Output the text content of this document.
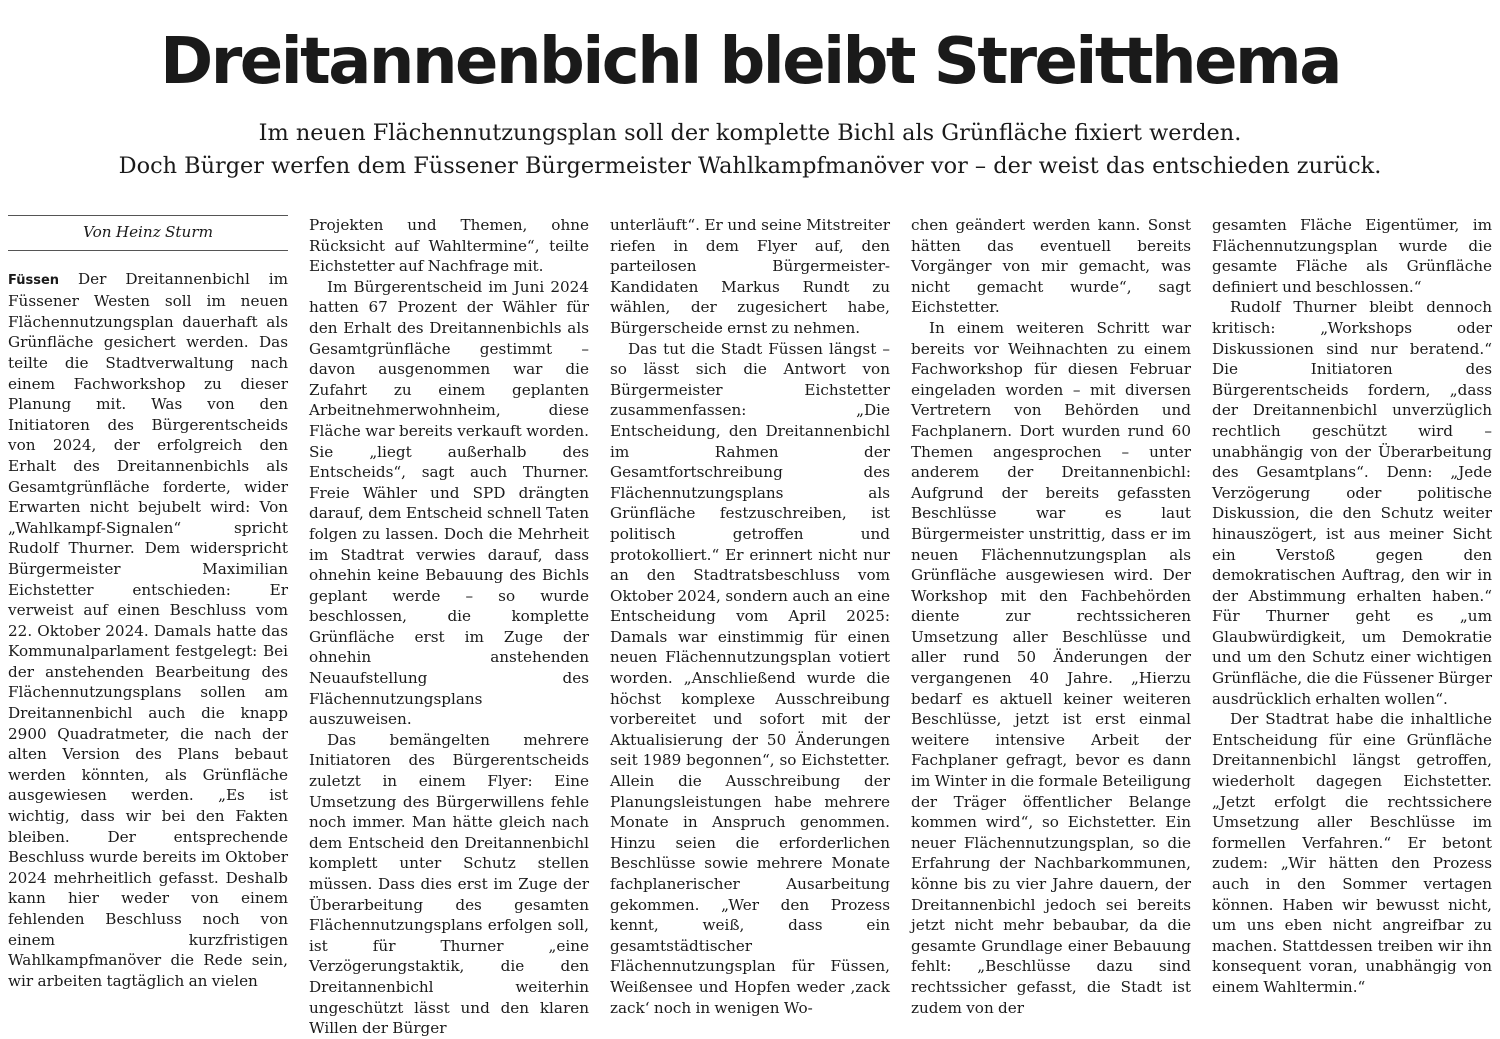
Dreitannenbichl bleibt Streitthema
Im neuen Flächennutzungsplan soll der komplette Bichl als Grünfläche fixiert werden.
Doch Bürger werfen dem Füssener Bürgermeister Wahlkampfmanöver vor – der weist das entschieden zurück.
Von Heinz Sturm

Füssen Der Dreitannenbichl im Füssener Westen soll im neuen Flächennutzungsplan dauerhaft als Grünfläche gesichert werden. Das teilte die Stadtverwaltung nach einem Fachworkshop zu dieser Planung mit. Was von den Initiatoren des Bürgerentscheids von 2024, der erfolgreich den Erhalt des Dreitannenbichls als Gesamtgrünfläche forderte, wider Erwarten nicht bejubelt wird: Von „Wahlkampf-Signalen“ spricht Rudolf Thurner. Dem widerspricht Bürgermeister Maximilian Eichstetter entschieden: Er verweist auf einen Beschluss vom 22. Oktober 2024. Damals hatte das Kommunalparlament festgelegt: Bei der anstehenden Bearbeitung des Flächennutzungsplans sollen am Dreitannenbichl auch die knapp 2900 Quadratmeter, die nach der alten Version des Plans bebaut werden könnten, als Grünfläche ausgewiesen werden. „Es ist wichtig, dass wir bei den Fakten bleiben. Der entsprechende Beschluss wurde bereits im Oktober 2024 mehrheitlich gefasst. Deshalb kann hier weder von einem fehlenden Beschluss noch von einem kurzfristigen Wahlkampfmanöver die Rede sein, wir arbeiten tagtäglich an vielen

Projekten und Themen, ohne Rücksicht auf Wahltermine“, teilte Eichstetter auf Nachfrage mit.

Im Bürgerentscheid im Juni 2024 hatten 67 Prozent der Wähler für den Erhalt des Dreitannenbichls als Gesamtgrünfläche gestimmt – davon ausgenommen war die Zufahrt zu einem geplanten Arbeitnehmerwohnheim, diese Fläche war bereits verkauft worden. Sie „liegt außerhalb des Entscheids“, sagt auch Thurner. Freie Wähler und SPD drängten darauf, dem Entscheid schnell Taten folgen zu lassen. Doch die Mehrheit im Stadtrat verwies darauf, dass ohnehin keine Bebauung des Bichls geplant werde – so wurde beschlossen, die komplette Grünfläche erst im Zuge der ohnehin anstehenden Neuaufstellung des Flächennutzungsplans auszuweisen.

Das bemängelten mehrere Initiatoren des Bürgerentscheids zuletzt in einem Flyer: Eine Umsetzung des Bürgerwillens fehle noch immer. Man hätte gleich nach dem Entscheid den Dreitannenbichl komplett unter Schutz stellen müssen. Dass dies erst im Zuge der Überarbeitung des gesamten Flächennutzungsplans erfolgen soll, ist für Thurner „eine Verzögerungstaktik, die den Dreitannenbichl weiterhin ungeschützt lässt und den klaren Willen der Bürger

unterläuft“. Er und seine Mitstreiter riefen in dem Flyer auf, den parteilosen Bürgermeister-Kandidaten Markus Rundt zu wählen, der zugesichert habe, Bürgerscheide ernst zu nehmen.

Das tut die Stadt Füssen längst – so lässt sich die Antwort von Bürgermeister Eichstetter zusammenfassen: „Die Entscheidung, den Dreitannenbichl im Rahmen der Gesamtfortschreibung des Flächennutzungsplans als Grünfläche festzuschreiben, ist politisch getroffen und protokolliert.“ Er erinnert nicht nur an den Stadtratsbeschluss vom Oktober 2024, sondern auch an eine Entscheidung vom April 2025: Damals war einstimmig für einen neuen Flächennutzungsplan votiert worden. „Anschließend wurde die höchst komplexe Ausschreibung vorbereitet und sofort mit der Aktualisierung der 50 Änderungen seit 1989 begonnen“, so Eichstetter. Allein die Ausschreibung der Planungsleistungen habe mehrere Monate in Anspruch genommen. Hinzu seien die erforderlichen Beschlüsse sowie mehrere Monate fachplanerischer Ausarbeitung gekommen. „Wer den Prozess kennt, weiß, dass ein gesamtstädtischer Flächennutzungsplan für Füssen, Weißensee und Hopfen weder ‚zack zack‘ noch in wenigen Wo-

chen geändert werden kann. Sonst hätten das eventuell bereits Vorgänger von mir gemacht, was nicht gemacht wurde“, sagt Eichstetter.

In einem weiteren Schritt war bereits vor Weihnachten zu einem Fachworkshop für diesen Februar eingeladen worden – mit diversen Vertretern von Behörden und Fachplanern. Dort wurden rund 60 Themen angesprochen – unter anderem der Dreitannenbichl: Aufgrund der bereits gefassten Beschlüsse war es laut Bürgermeister unstrittig, dass er im neuen Flächennutzungsplan als Grünfläche ausgewiesen wird. Der Workshop mit den Fachbehörden diente zur rechtssicheren Umsetzung aller Beschlüsse und aller rund 50 Änderungen der vergangenen 40 Jahre. „Hierzu bedarf es aktuell keiner weiteren Beschlüsse, jetzt ist erst einmal weitere intensive Arbeit der Fachplaner gefragt, bevor es dann im Winter in die formale Beteiligung der Träger öffentlicher Belange kommen wird“, so Eichstetter. Ein neuer Flächennutzungsplan, so die Erfahrung der Nachbarkommunen, könne bis zu vier Jahre dauern, der Dreitannenbichl jedoch sei bereits jetzt nicht mehr bebaubar, da die gesamte Grundlage einer Bebauung fehlt: „Beschlüsse dazu sind rechtssicher gefasst, die Stadt ist zudem von der

gesamten Fläche Eigentümer, im Flächennutzungsplan wurde die gesamte Fläche als Grünfläche definiert und beschlossen.“

Rudolf Thurner bleibt dennoch kritisch: „Workshops oder Diskussionen sind nur beratend.“ Die Initiatoren des Bürgerentscheids fordern, „dass der Dreitannenbichl unverzüglich rechtlich geschützt wird – unabhängig von der Überarbeitung des Gesamtplans“. Denn: „Jede Verzögerung oder politische Diskussion, die den Schutz weiter hinauszögert, ist aus meiner Sicht ein Verstoß gegen den demokratischen Auftrag, den wir in der Abstimmung erhalten haben.“ Für Thurner geht es „um Glaubwürdigkeit, um Demokratie und um den Schutz einer wichtigen Grünfläche, die die Füssener Bürger ausdrücklich erhalten wollen“.

Der Stadtrat habe die inhaltliche Entscheidung für eine Grünfläche Dreitannenbichl längst getroffen, wiederholt dagegen Eichstetter. „Jetzt erfolgt die rechtssichere Umsetzung aller Beschlüsse im formellen Verfahren.“ Er betont zudem: „Wir hätten den Prozess auch in den Sommer vertagen können. Haben wir bewusst nicht, um uns eben nicht angreifbar zu machen. Stattdessen treiben wir ihn konsequent voran, unabhängig von einem Wahltermin.“
